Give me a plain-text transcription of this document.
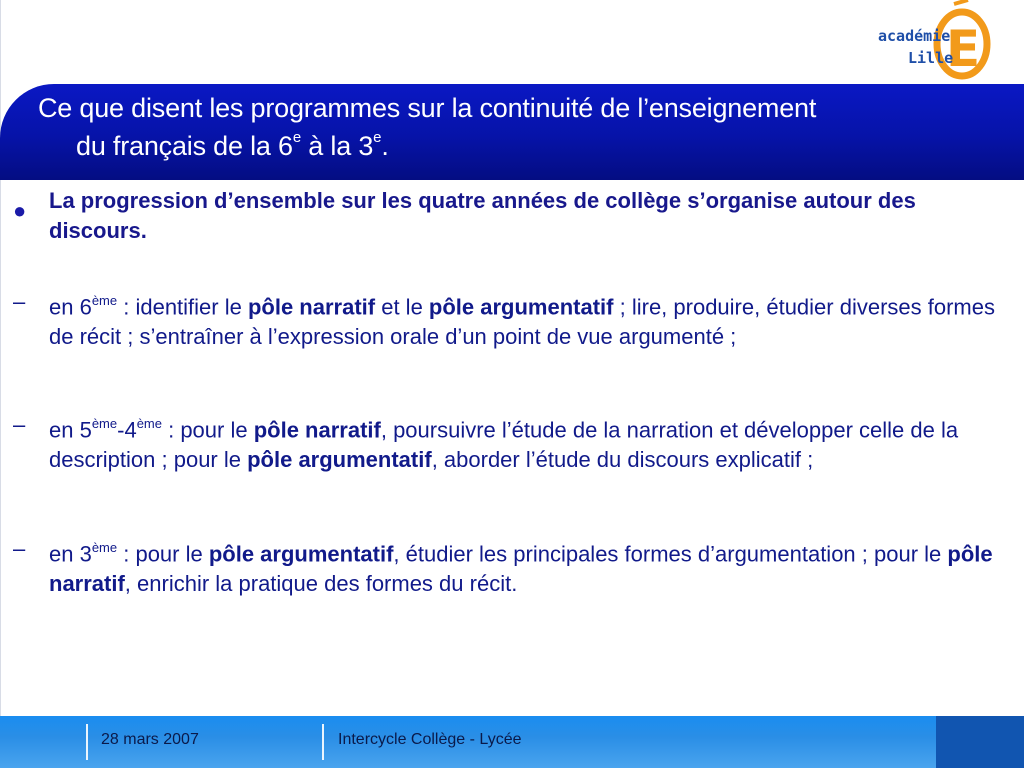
E
académie
Lille
Ce que disent les programmes sur la continuité de l’enseignement
du français de la 6e à la 3e.
● La progression d’ensemble sur les quatre années de collège s’organise autour des discours.
– en 6ème : identifier le pôle narratif et le pôle argumentatif ; lire, produire, étudier diverses formes de récit ; s’entraîner à l’expression orale d’un point de vue argumenté ;
– en 5ème-4ème : pour le pôle narratif, poursuivre l’étude de la narration et développer celle de la description ; pour le pôle argumentatif, aborder l’étude du discours explicatif ;
– en 3ème : pour le pôle argumentatif, étudier les principales formes d’argumentation ; pour le pôle narratif, enrichir la pratique des formes du récit.
28 mars 2007	Intercycle Collège - Lycée
